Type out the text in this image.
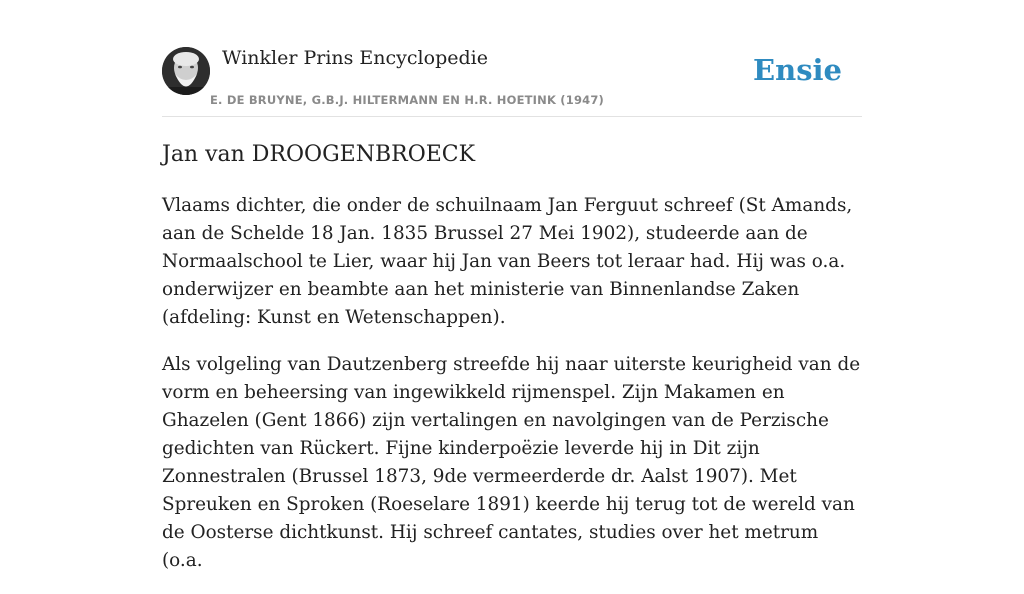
Winkler Prins Encyclopedie
E. DE BRUYNE, G.B.J. HILTERMANN EN H.R. HOETINK (1947)
Ensie
Jan van DROOGENBROECK

Vlaams dichter, die onder de schuilnaam Jan Ferguut schreef (St Amands, aan de Schelde 18 Jan. 1835 Brussel 27 Mei 1902), studeerde aan de Normaalschool te Lier, waar hij Jan van Beers tot leraar had. Hij was o.a. onderwijzer en beambte aan het ministerie van Binnenlandse Zaken (afdeling: Kunst en Wetenschappen).

Als volgeling van Dautzenberg streefde hij naar uiterste keurigheid van de vorm en beheersing van ingewikkeld rijmenspel. Zijn Makamen en Ghazelen (Gent 1866) zijn vertalingen en navolgingen van de Perzische gedichten van Rückert. Fijne kinderpoëzie leverde hij in Dit zijn Zonnestralen (Brussel 1873, 9de vermeerderde dr. Aalst 1907). Met Spreuken en Sproken (Roeselare 1891) keerde hij terug tot de wereld van de Oosterse dichtkunst. Hij schreef cantates, studies over het metrum (o.a.
